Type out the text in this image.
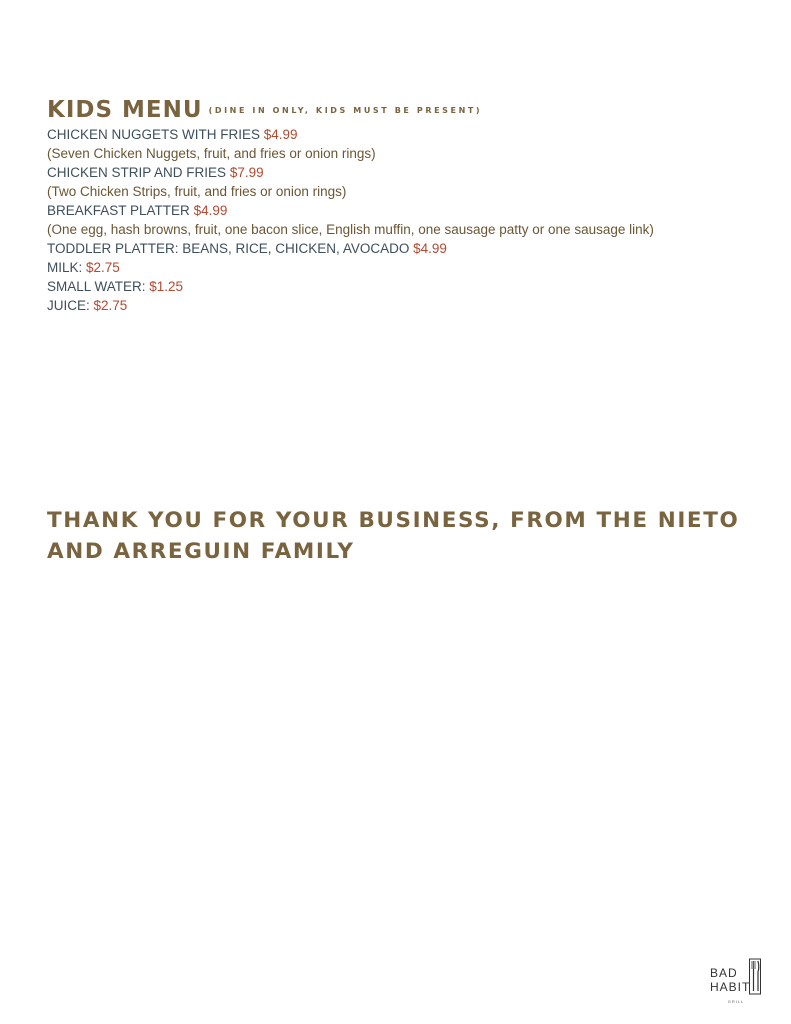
KIDS MENU $^{(DINE IN ONLY, KIDS MUST BE PRESENT)}$
CHICKEN NUGGETS WITH FRIES $4.99
(Seven Chicken Nuggets, fruit, and fries or onion rings)
CHICKEN STRIP AND FRIES $7.99
(Two Chicken Strips, fruit, and fries or onion rings)
BREAKFAST PLATTER $4.99
(One egg, hash browns, fruit, one bacon slice, English muffin, one sausage patty or one sausage link)
TODDLER PLATTER: BEANS, RICE, CHICKEN, AVOCADO $4.99
MILK: $2.75
SMALL WATER: $1.25
JUICE: $2.75
THANK YOU FOR YOUR BUSINESS, FROM THE NIETO
AND ARREGUIN FAMILY
BAD
HABIT
GRILL
